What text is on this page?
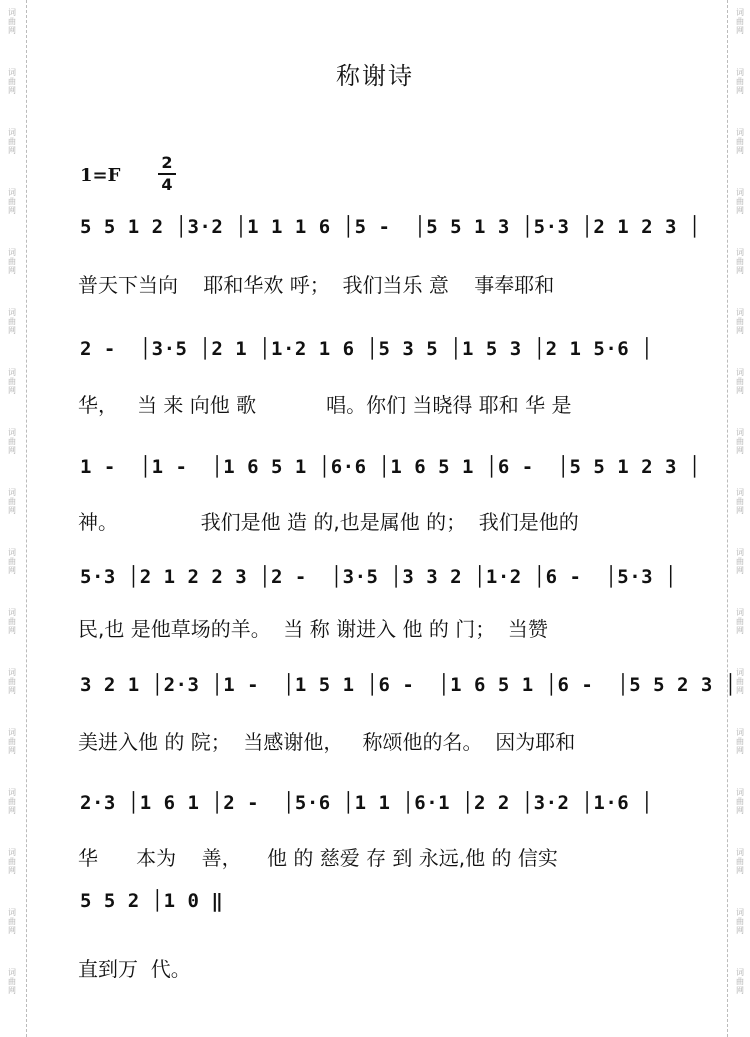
词
曲
网
词
曲
网
词
曲
网
词
曲
网
词
曲
网
词
曲
网
词
曲
网
词
曲
网
词
曲
网
词
曲
网
词
曲
网
词
曲
网
词
曲
网
词
曲
网
词
曲
网
词
曲
网
词
曲
网
词
曲
网
词
曲
网
词
曲
网
词
曲
网
词
曲
网
词
曲
网
词
曲
网
词
曲
网
词
曲
网
词
曲
网
词
曲
网
词
曲
网
词
曲
网
词
曲
网
词
曲
网
词
曲
网
词
曲
网
称谢诗
1=F
2
4
5 5 1 2 │3·2 │1 1 1 6 │5 -  │5 5 1 3 │5·3 │2 1 2 3 │
普天下当向    耶和华欢 呼；  我们当乐 意    事奉耶和
2 -  │3·5 │2 1 │1·2 1 6 │5 3 5 │1 5 3 │2 1 5·6 │
华，   当 来 向他 歌           唱。你们 当晓得 耶和 华 是
1 -  │1 -  │1 6 5 1 │6·6 │1 6 5 1 │6 -  │5 5 1 2 3 │
神。             我们是他 造 的,也是属他 的；  我们是他的
5·3 │2 1 2 2 3 │2 -  │3·5 │3 3 2 │1·2 │6 -  │5·3 │
民,也 是他草场的羊。  当 称 谢进入 他 的 门；  当赞
3 2 1 │2·3 │1 -  │1 5 1 │6 -  │1 6 5 1 │6 -  │5 5 2 3 │
美进入他 的 院；  当感谢他，   称颂他的名。  因为耶和
2·3 │1 6 1 │2 -  │5·6 │1 1 │6·1 │2 2 │3·2 │1·6 │
华      本为    善，    他 的 慈爱 存 到 永远,他 的 信实
5 5 2 │1 0 ‖
直到万  代。
